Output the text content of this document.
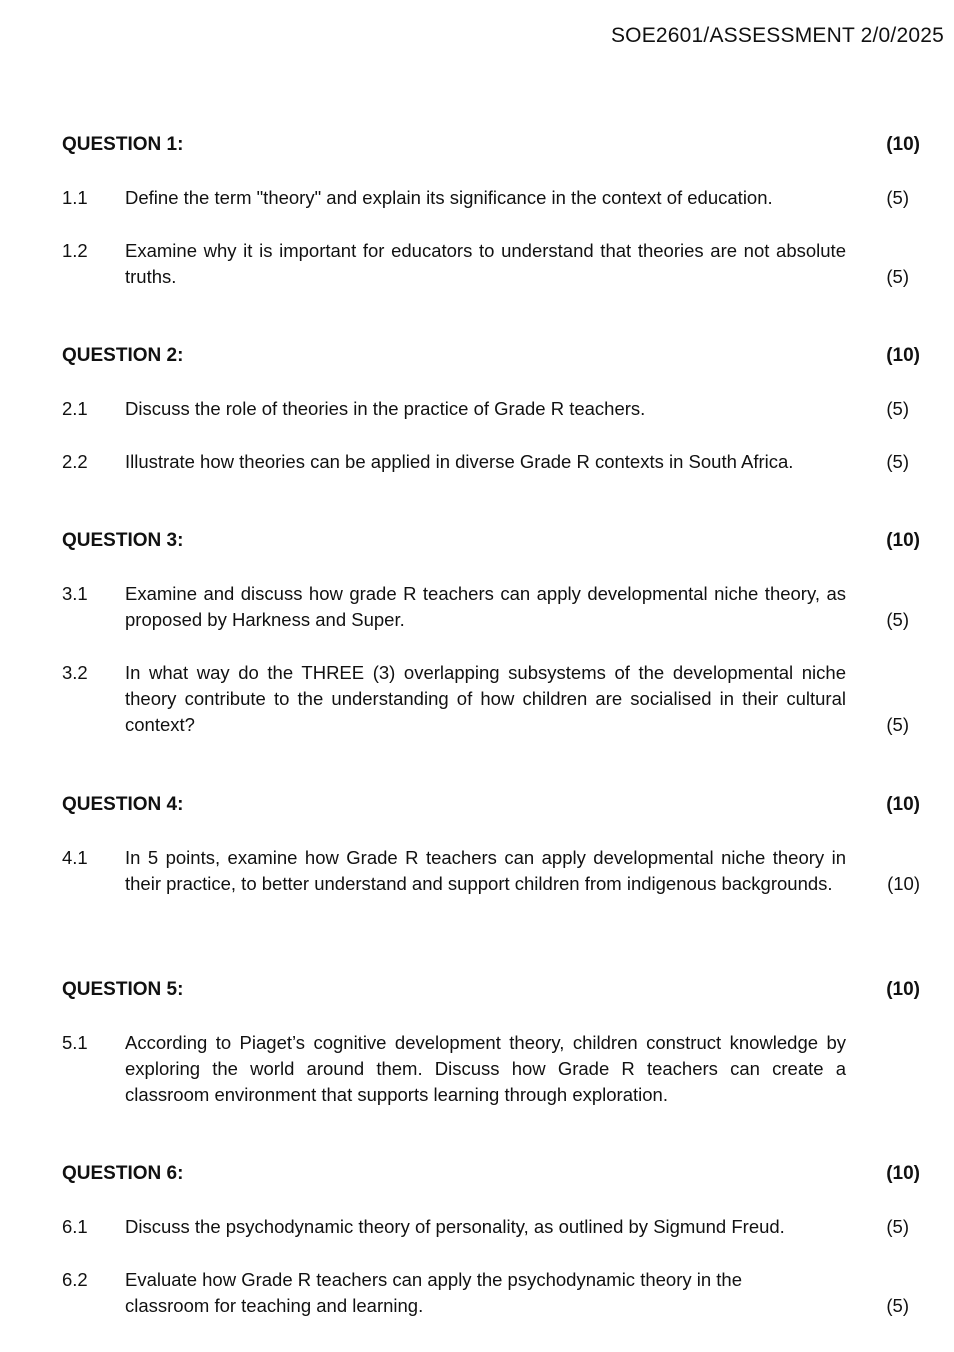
SOE2601/ASSESSMENT 2/0/2025
QUESTION 1:	(10)
1.1 Define the term "theory" and explain its significance in the context of education.	(5)
1.2 Examine why it is important for educators to understand that theories are not absolute truths.	(5)
QUESTION 2:	(10)
2.1 Discuss the role of theories in the practice of Grade R teachers.	(5)
2.2 Illustrate how theories can be applied in diverse Grade R contexts in South Africa.	(5)
QUESTION 3:	(10)
3.1 Examine and discuss how grade R teachers can apply developmental niche theory, as proposed by Harkness and Super.	(5)
3.2 In what way do the THREE (3) overlapping subsystems of the developmental niche theory contribute to the understanding of how children are socialised in their cultural context?	(5)
QUESTION 4:	(10)
4.1 In 5 points, examine how Grade R teachers can apply developmental niche theory in their practice, to better understand and support children from indigenous backgrounds.	(10)
QUESTION 5:	(10)
5.1 According to Piaget’s cognitive development theory, children construct knowledge by exploring the world around them. Discuss how Grade R teachers can create a classroom environment that supports learning through exploration.
QUESTION 6:	(10)
6.1 Discuss the psychodynamic theory of personality, as outlined by Sigmund Freud.	(5)
6.2 Evaluate how Grade R teachers can apply the psychodynamic theory in the classroom for teaching and learning.	(5)
